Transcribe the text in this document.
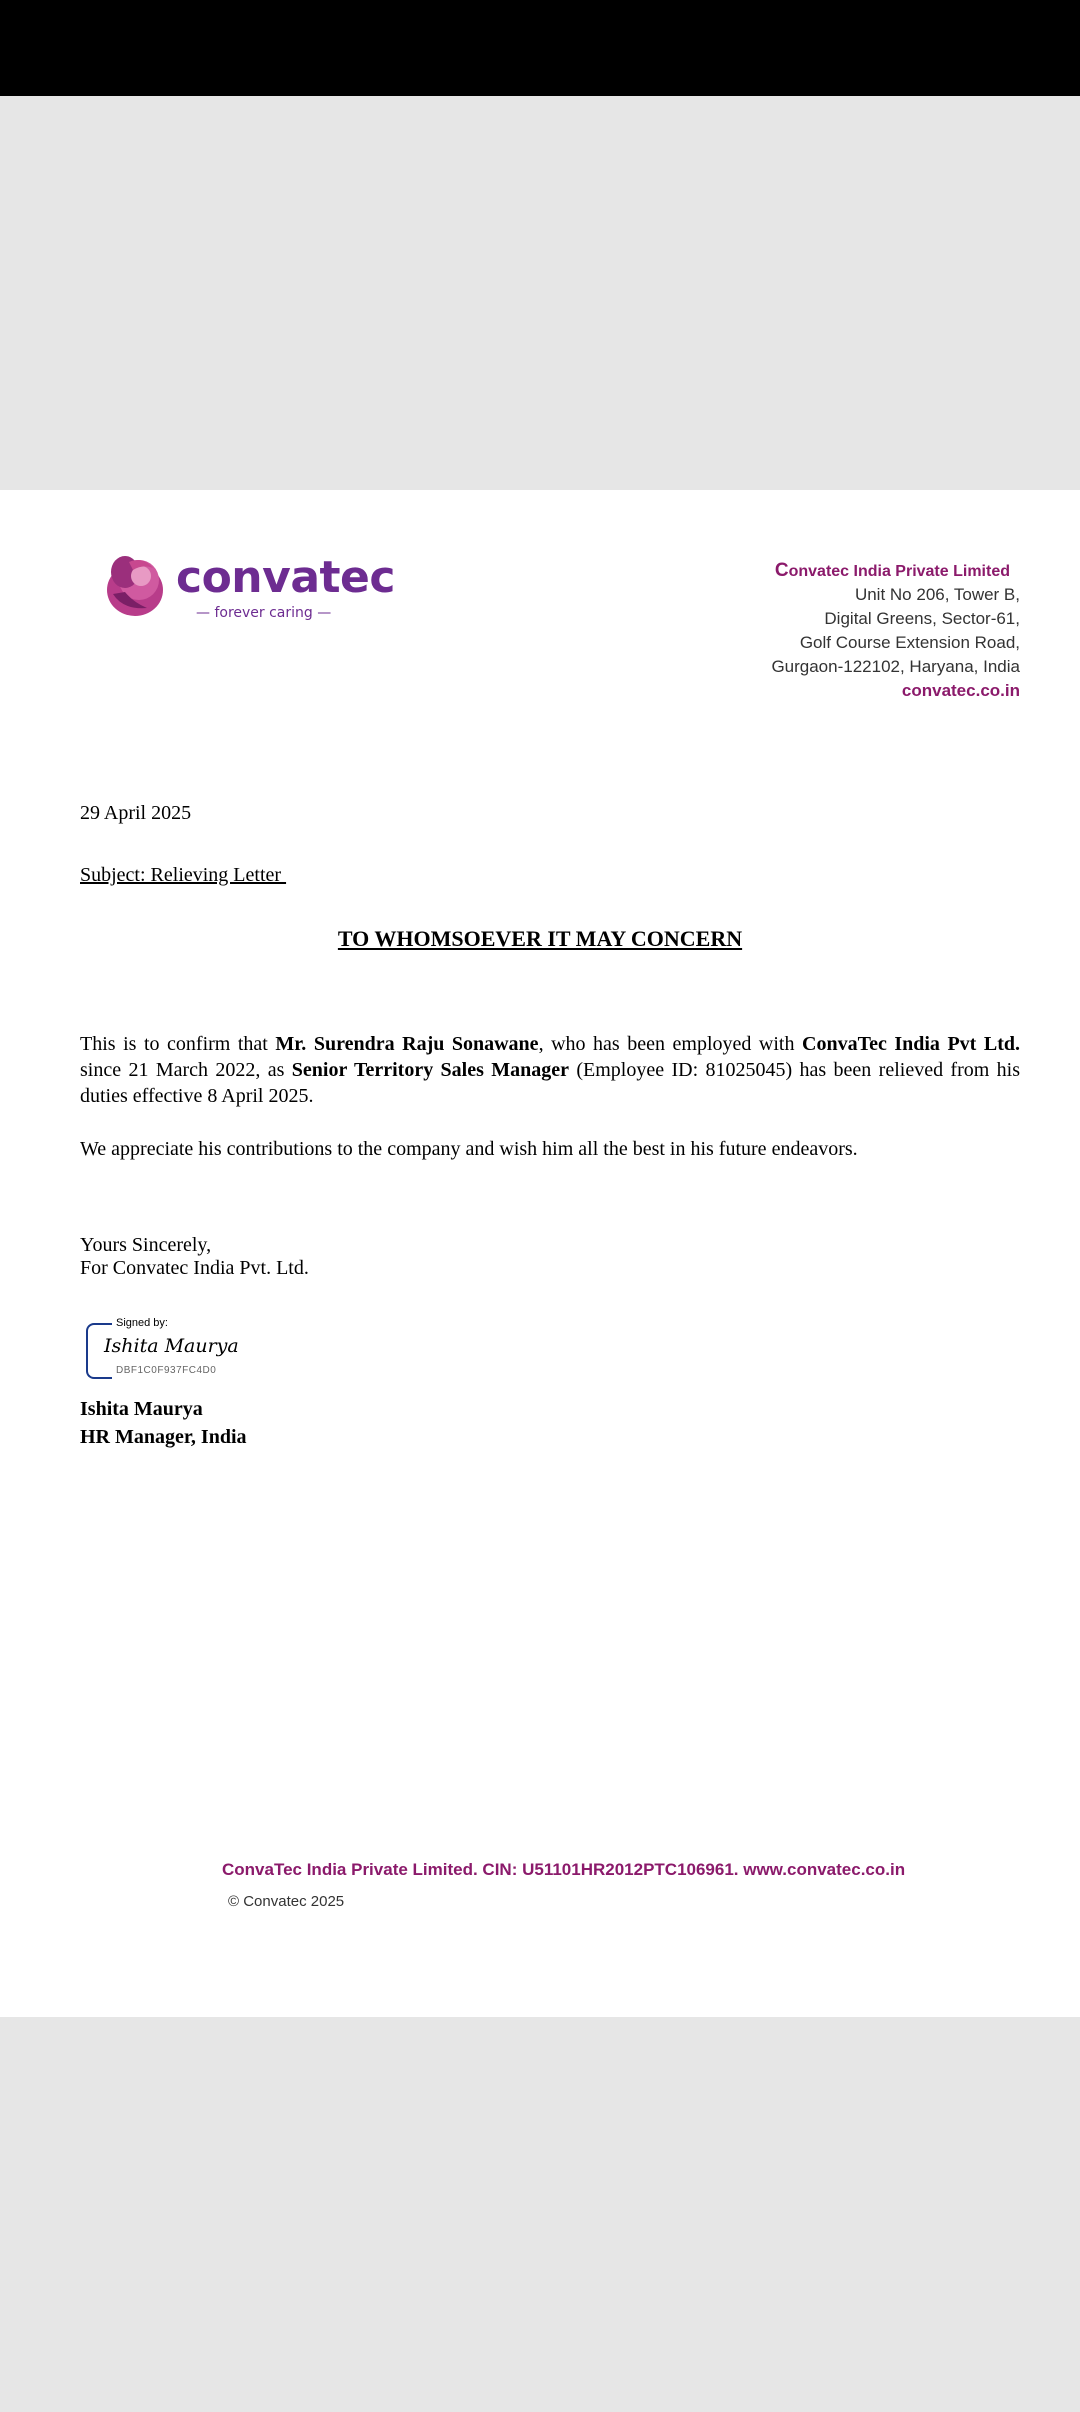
convatec
— forever caring —
Convatec India Private Limited
Unit No 206, Tower B,
Digital Greens, Sector-61,
Golf Course Extension Road,
Gurgaon-122102, Haryana, India
convatec.co.in
29 April 2025
Subject: Relieving Letter
TO WHOMSOEVER IT MAY CONCERN
This is to confirm that Mr. Surendra Raju Sonawane, who has been employed with ConvaTec India Pvt Ltd. since 21 March 2022, as Senior Territory Sales Manager (Employee ID: 81025045) has been relieved from his duties effective 8 April 2025.
We appreciate his contributions to the company and wish him all the best in his future endeavors.
Yours Sincerely,
For Convatec India Pvt. Ltd.
Signed by:
Ishita Maurya
DBF1C0F937FC4D0
Ishita Maurya
HR Manager, India
ConvaTec India Private Limited. CIN: U51101HR2012PTC106961. www.convatec.co.in
© Convatec 2025
